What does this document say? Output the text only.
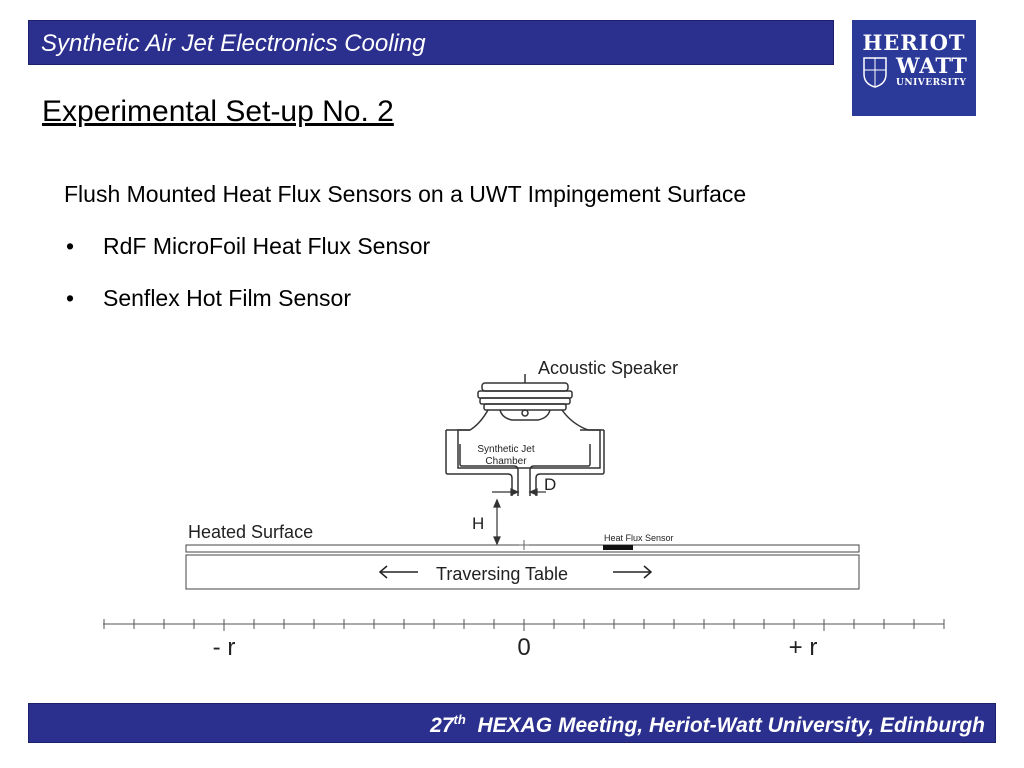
Synthetic Air Jet Electronics Cooling	HERIOT
WATT
UNIVERSITY
Experimental Set-up No. 2
Flush Mounted Heat Flux Sensors on a UWT Impingement Surface
• RdF MicroFoil Heat Flux Sensor
• Senflex Hot Film Sensor
Acoustic Speaker
Synthetic Jet
Chamber
D
H
Heated Surface	Heat Flux Sensor
Traversing Table
- r	0	+ r
27th HEXAG Meeting, Heriot-Watt University, Edinburgh
